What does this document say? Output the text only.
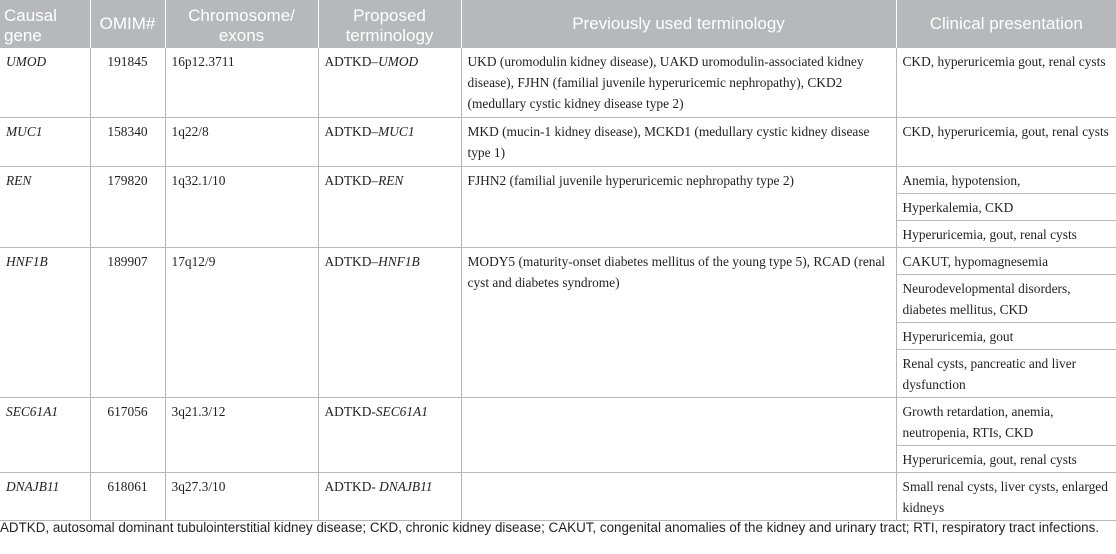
Causal gene	OMIM#	Chromosome/ exons	Proposed terminology	Previously used terminology	Clinical presentation
UMOD	191845	16p12.3711	ADTKD–UMOD	UKD (uromodulin kidney disease), UAKD uromodulin-associated kidney disease), FJHN (familial juvenile hyperuricemic nephropathy), CKD2 (medullary cystic kidney disease type 2)	CKD, hyperuricemia gout, renal cysts
MUC1	158340	1q22/8	ADTKD–MUC1	MKD (mucin-1 kidney disease), MCKD1 (medullary cystic kidney disease type 1)	CKD, hyperuricemia, gout, renal cysts
REN	179820	1q32.1/10	ADTKD–REN	FJHN2 (familial juvenile hyperuricemic nephropathy type 2)	Anemia, hypotension,
					Hyperkalemia, CKD
					Hyperuricemia, gout, renal cysts
HNF1B	189907	17q12/9	ADTKD–HNF1B	MODY5 (maturity-onset diabetes mellitus of the young type 5), RCAD (renal cyst and diabetes syndrome)	CAKUT, hypomagnesemia
					Neurodevelopmental disorders, diabetes mellitus, CKD
					Hyperuricemia, gout
					Renal cysts, pancreatic and liver dysfunction
SEC61A1	617056	3q21.3/12	ADTKD-SEC61A1		Growth retardation, anemia, neutropenia, RTIs, CKD
					Hyperuricemia, gout, renal cysts
DNAJB11	618061	3q27.3/10	ADTKD- DNAJB11		Small renal cysts, liver cysts, enlarged kidneys
ADTKD, autosomal dominant tubulointerstitial kidney disease; CKD, chronic kidney disease; CAKUT, congenital anomalies of the kidney and urinary tract; RTI, respiratory tract infections.
